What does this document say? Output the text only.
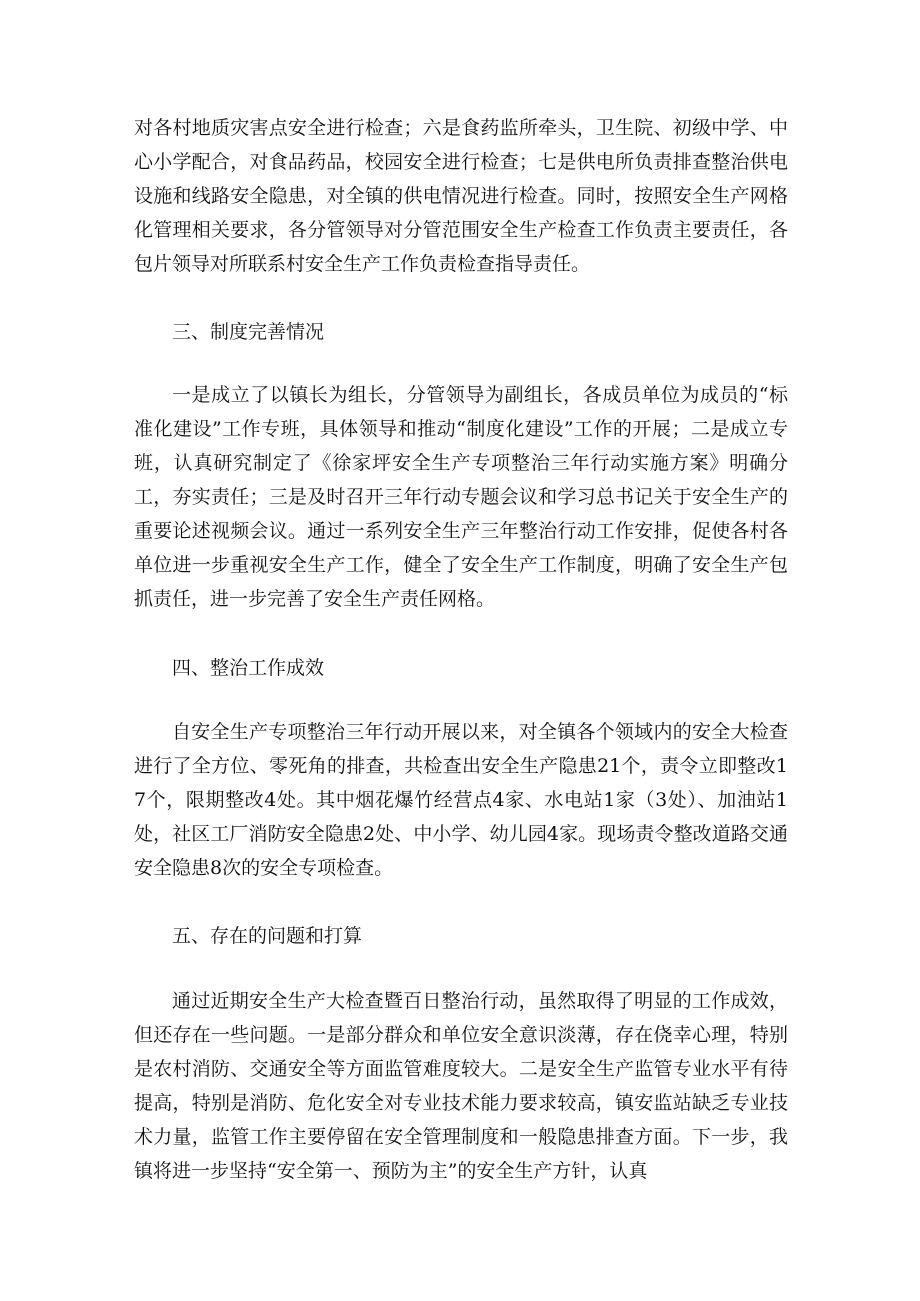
对各村地质灾害点安全进行检查；六是食药监所牵头，卫生院、初级中学、中心小学配合，对食品药品，校园安全进行检查；七是供电所负责排查整治供电设施和线路安全隐患，对全镇的供电情况进行检查。同时，按照安全生产网格化管理相关要求，各分管领导对分管范围安全生产检查工作负责主要责任，各包片领导对所联系村安全生产工作负责检查指导责任。

三、制度完善情况

一是成立了以镇长为组长，分管领导为副组长，各成员单位为成员的“标准化建设”工作专班，具体领导和推动“制度化建设”工作的开展；二是成立专班，认真研究制定了《徐家坪安全生产专项整治三年行动实施方案》明确分工，夯实责任；三是及时召开三年行动专题会议和学习总书记关于安全生产的重要论述视频会议。通过一系列安全生产三年整治行动工作安排，促使各村各单位进一步重视安全生产工作，健全了安全生产工作制度，明确了安全生产包抓责任，进一步完善了安全生产责任网格。

四、整治工作成效

自安全生产专项整治三年行动开展以来，对全镇各个领域内的安全大检查进行了全方位、零死角的排查，共检查出安全生产隐患21个，责令立即整改17个，限期整改4处。其中烟花爆竹经营点4家、水电站1家（3处）、加油站1处，社区工厂消防安全隐患2处、中小学、幼儿园4家。现场责令整改道路交通安全隐患8次的安全专项检查。

五、存在的问题和打算

通过近期安全生产大检查暨百日整治行动，虽然取得了明显的工作成效，但还存在一些问题。一是部分群众和单位安全意识淡薄，存在侥幸心理，特别是农村消防、交通安全等方面监管难度较大。二是安全生产监管专业水平有待提高，特别是消防、危化安全对专业技术能力要求较高，镇安监站缺乏专业技术力量，监管工作主要停留在安全管理制度和一般隐患排查方面。下一步，我镇将进一步坚持“安全第一、预防为主”的安全生产方针，认真
